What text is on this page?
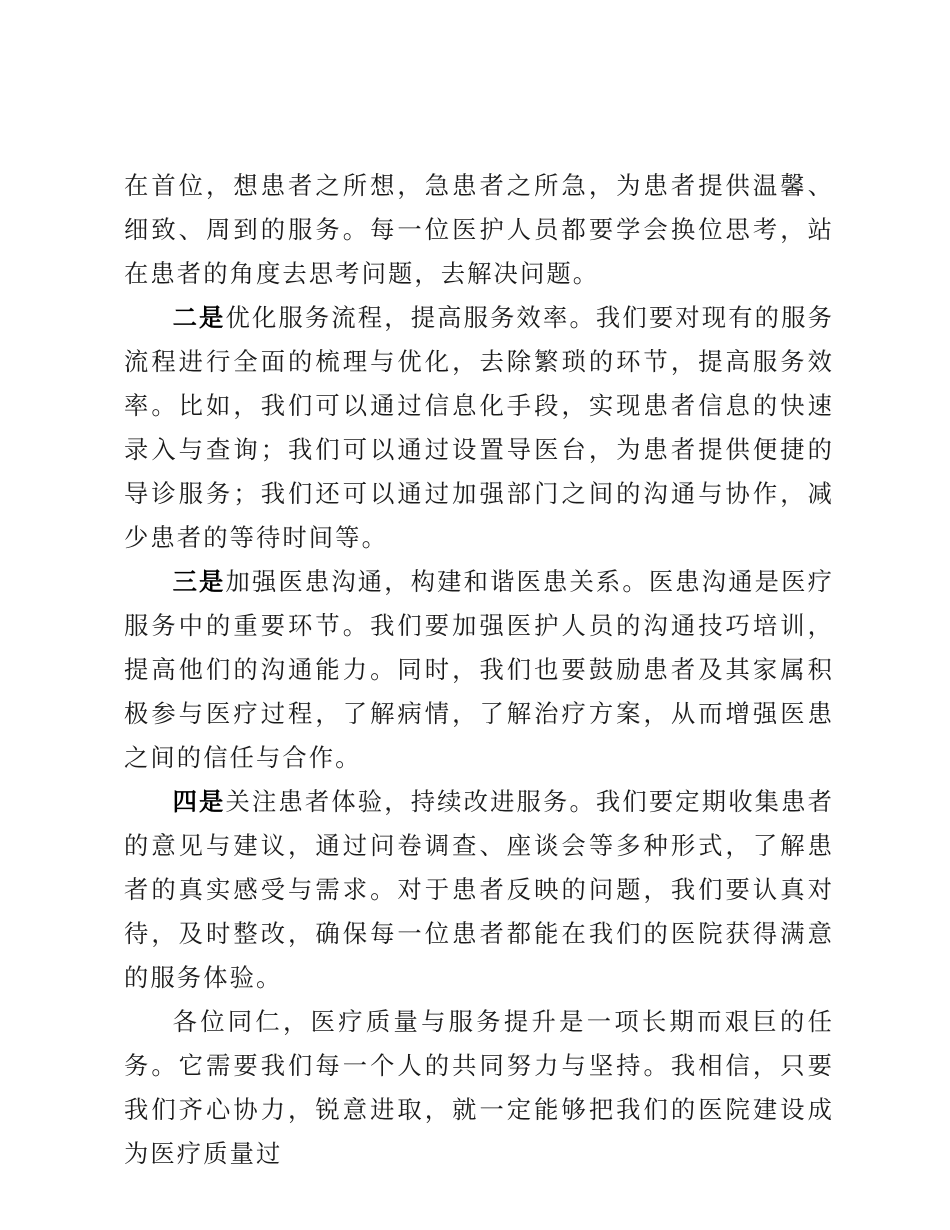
在首位，想患者之所想，急患者之所急，为患者提供温馨、细致、周到的服务。每一位医护人员都要学会换位思考，站在患者的角度去思考问题，去解决问题。

二是优化服务流程，提高服务效率。我们要对现有的服务流程进行全面的梳理与优化，去除繁琐的环节，提高服务效率。比如，我们可以通过信息化手段，实现患者信息的快速录入与查询；我们可以通过设置导医台，为患者提供便捷的导诊服务；我们还可以通过加强部门之间的沟通与协作，减少患者的等待时间等。

三是加强医患沟通，构建和谐医患关系。医患沟通是医疗服务中的重要环节。我们要加强医护人员的沟通技巧培训，提高他们的沟通能力。同时，我们也要鼓励患者及其家属积极参与医疗过程，了解病情，了解治疗方案，从而增强医患之间的信任与合作。

四是关注患者体验，持续改进服务。我们要定期收集患者的意见与建议，通过问卷调查、座谈会等多种形式，了解患者的真实感受与需求。对于患者反映的问题，我们要认真对待，及时整改，确保每一位患者都能在我们的医院获得满意的服务体验。

各位同仁，医疗质量与服务提升是一项长期而艰巨的任务。它需要我们每一个人的共同努力与坚持。我相信，只要我们齐心协力，锐意进取，就一定能够把我们的医院建设成为医疗质量过
